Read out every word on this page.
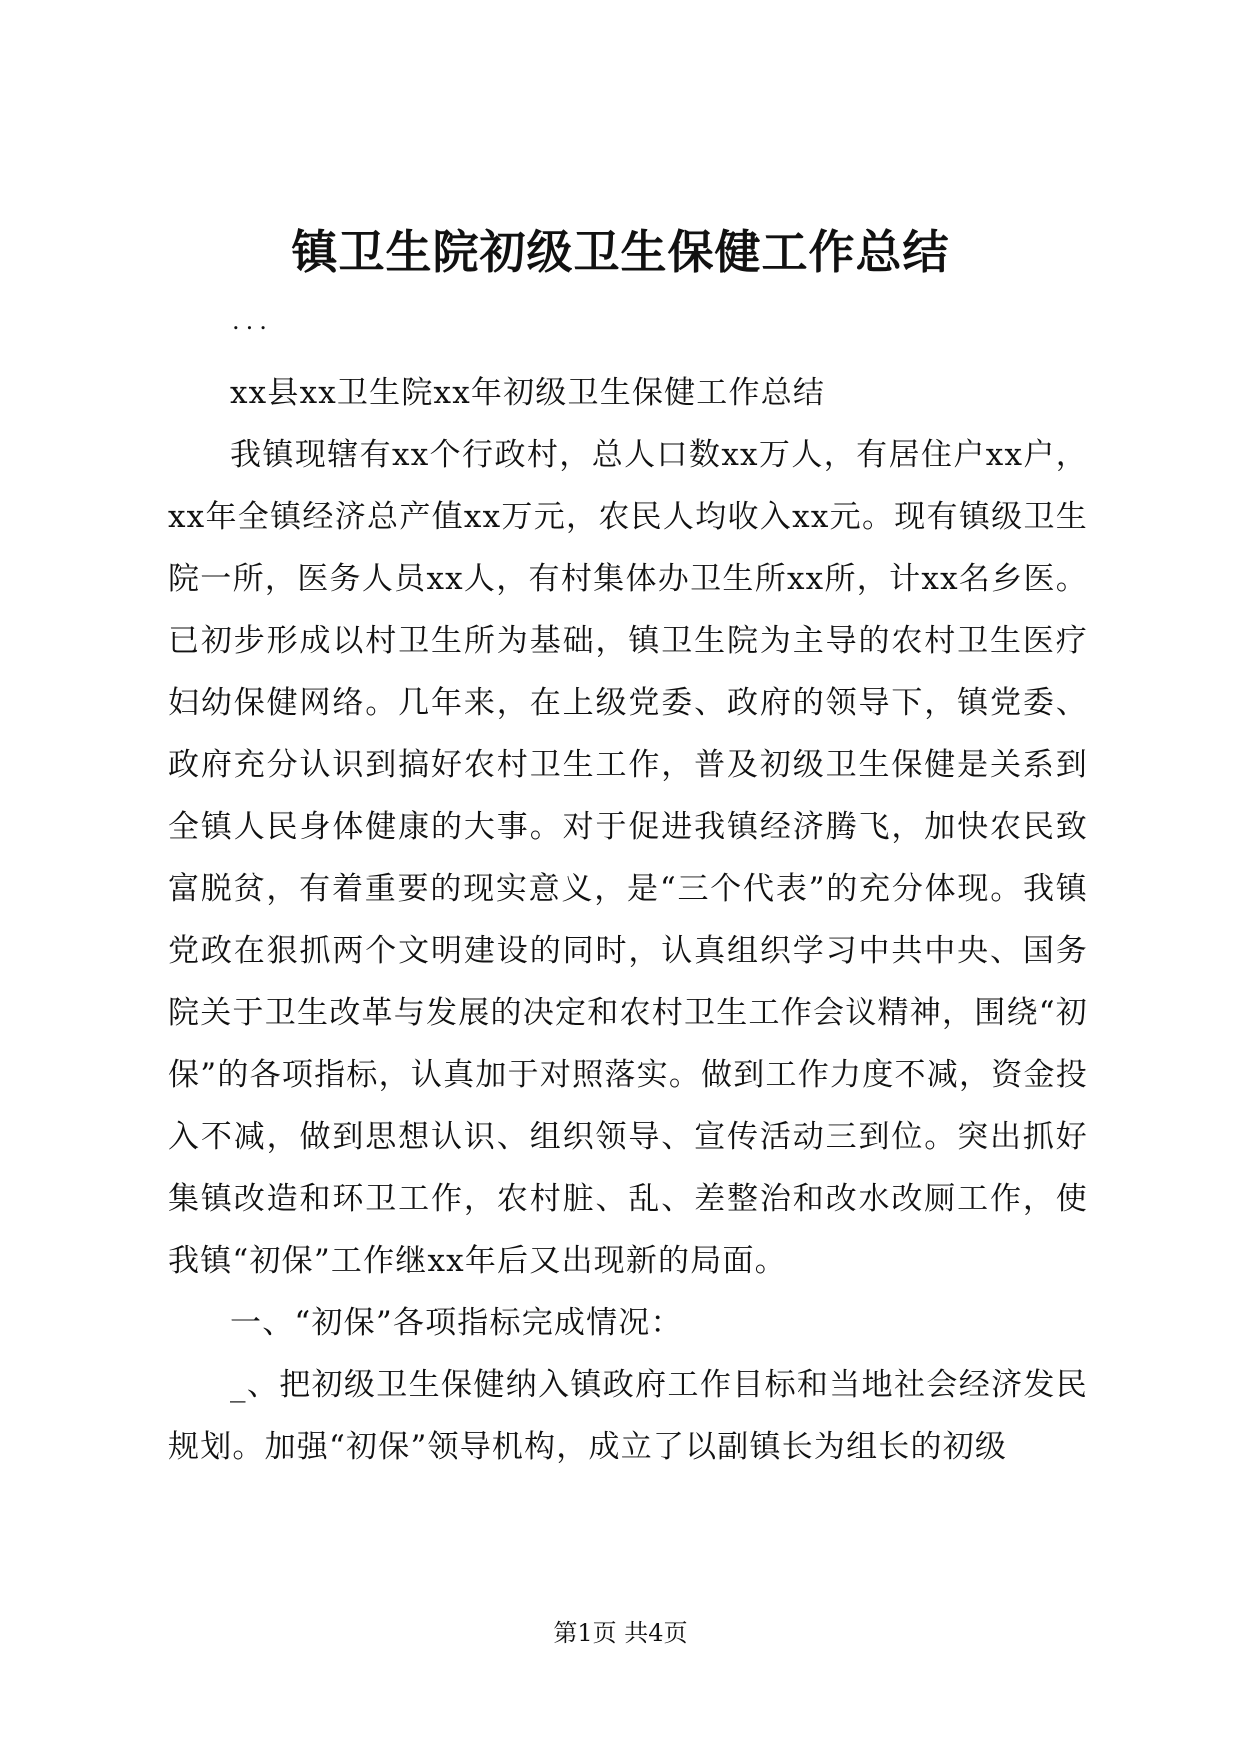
镇卫生院初级卫生保健工作总结
...

xx县xx卫生院xx年初级卫生保健工作总结

我镇现辖有xx个行政村，总人口数xx万人，有居住户xx户，xx年全镇经济总产值xx万元，农民人均收入xx元。现有镇级卫生院一所，医务人员xx人，有村集体办卫生所xx所，计xx名乡医。已初步形成以村卫生所为基础，镇卫生院为主导的农村卫生医疗妇幼保健网络。几年来，在上级党委、政府的领导下，镇党委、政府充分认识到搞好农村卫生工作，普及初级卫生保健是关系到全镇人民身体健康的大事。对于促进我镇经济腾飞，加快农民致富脱贫，有着重要的现实意义，是“三个代表”的充分体现。我镇党政在狠抓两个文明建设的同时，认真组织学习中共中央、国务院关于卫生改革与发展的决定和农村卫生工作会议精神，围绕“初保”的各项指标，认真加于对照落实。做到工作力度不减，资金投入不减，做到思想认识、组织领导、宣传活动三到位。突出抓好集镇改造和环卫工作，农村脏、乱、差整治和改水改厕工作，使我镇“初保”工作继xx年后又出现新的局面。

一、“初保”各项指标完成情况：

_、把初级卫生保健纳入镇政府工作目标和当地社会经济发民规划。加强“初保”领导机构，成立了以副镇长为组长的初级

第1页 共4页
